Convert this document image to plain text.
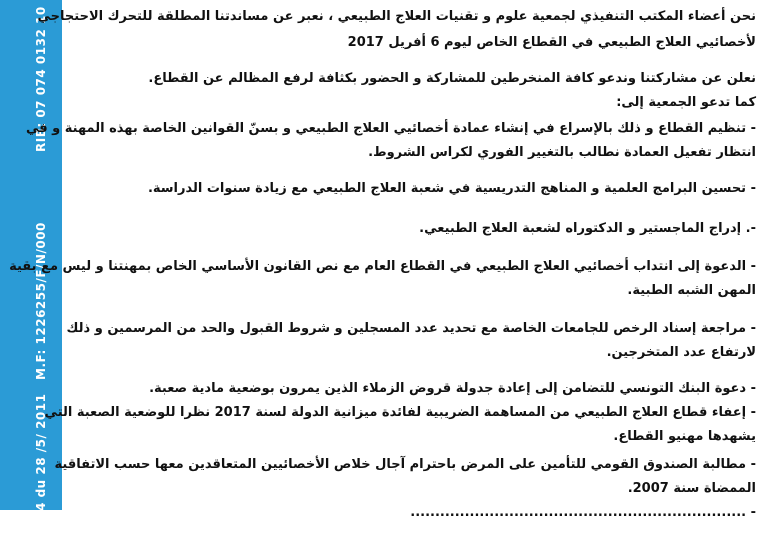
RIB: 07 074 0132 10
M.F: 1226255/F/N/000
n° 64 du 28 /5/ 2011

نحن أعضاء المكتب التنفيذي لجمعية علوم و تقنيات العلاج الطبيعي ، نعبر عن مساندتنا المطلقة للتحرك الاحتجاجي

لأخصائيي العلاج الطبيعي في القطاع الخاص ليوم 6 أفريل 2017

نعلن عن مشاركتنا وندعو كافة المنخرطين للمشاركة و الحضور بكثافة لرفع المظالم عن القطاع.

كما تدعو الجمعية إلى:

- تنظيم القطاع و ذلك بالإسراع في إنشاء عمادة أخصائيي العلاج الطبيعي و بسنّ القوانين الخاصة بهذه المهنة و في

انتظار تفعيل العمادة نطالب بالتغيير الفوري لكراس الشروط.

- تحسين البرامج العلمية و المناهج التدريسية في شعبة العلاج الطبيعي مع زيادة سنوات الدراسة.

-. إدراج الماجستير و الدكتوراه لشعبة العلاج الطبيعي.

- الدعوة إلى انتداب أخصائيي العلاج الطبيعي في القطاع العام مع نص القانون الأساسي الخاص بمهنتنا و ليس مع بقية

المهن الشبه الطبية.

- مراجعة إسناد الرخص للجامعات الخاصة مع تحديد عدد المسجلين و شروط القبول والحد من المرسمين و ذلك

لارتفاع عدد المتخرجين.

- دعوة البنك التونسي للتضامن إلى إعادة جدولة قروض الزملاء الذين يمرون بوضعية مادية صعبة.

- إعفاء قطاع العلاج الطبيعي من المساهمة الضريبية لفائدة ميزانية الدولة لسنة 2017 نظرا للوضعية الصعبة التي

يشهدها مهنيو القطاع.

- مطالبة الصندوق القومي للتأمين على المرض باحترام آجال خلاص الأخصائيين المتعاقدين معها حسب الاتفاقية

الممضاة سنة 2007.

- ....................................................................
